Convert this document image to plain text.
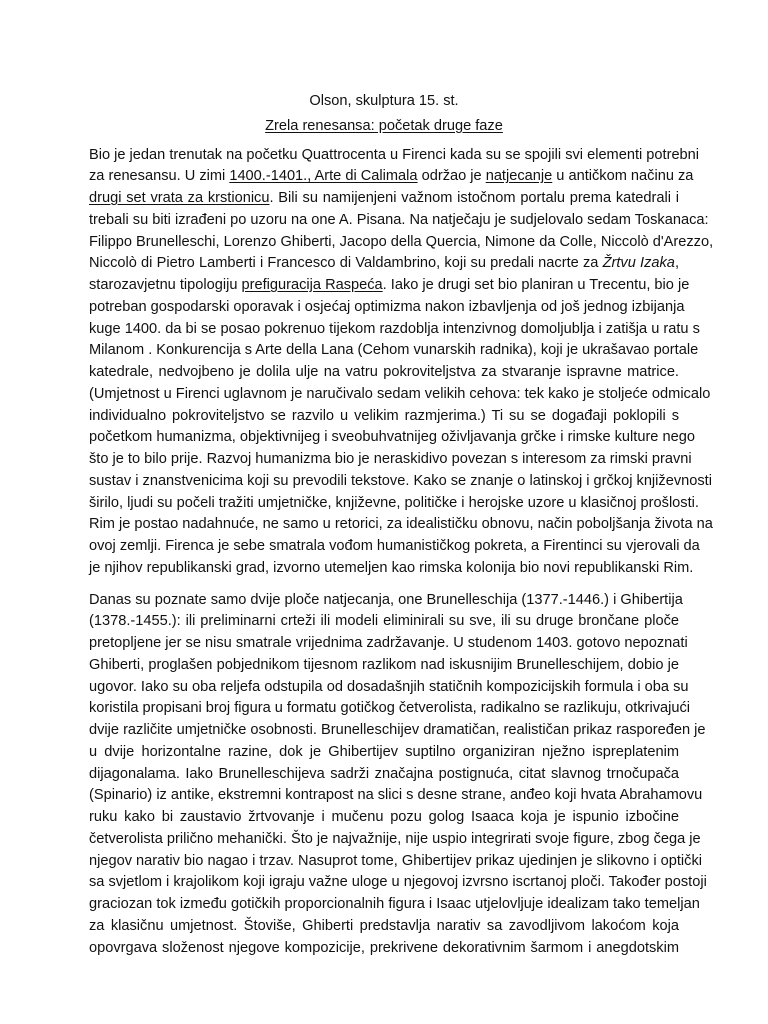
Olson, skulptura 15. st.

Zrela renesansa: početak druge faze

Bio je jedan trenutak na početku Quattrocenta u Firenci kada su se spojili svi elementi potrebni
za renesansu. U zimi 1400.-1401., Arte di Calimala održao je natjecanje u antičkom načinu za
drugi set vrata za krstionicu. Bili su namijenjeni važnom istočnom portalu prema katedrali i
trebali su biti izrađeni po uzoru na one A. Pisana. Na natječaju je sudjelovalo sedam Toskanaca:
Filippo Brunelleschi, Lorenzo Ghiberti, Jacopo della Quercia, Nimone da Colle, Niccolò d'Arezzo,
Niccolò di Pietro Lamberti i Francesco di Valdambrino, koji su predali nacrte za Žrtvu Izaka,
starozavjetnu tipologiju prefiguracija Raspeća. Iako je drugi set bio planiran u Trecentu, bio je
potreban gospodarski oporavak i osjećaj optimizma nakon izbavljenja od još jednog izbijanja
kuge 1400. da bi se posao pokrenuo tijekom razdoblja intenzivnog domoljublja i zatišja u ratu s
Milanom . Konkurencija s Arte della Lana (Cehom vunarskih radnika), koji je ukrašavao portale
katedrale, nedvojbeno je dolila ulje na vatru pokroviteljstva za stvaranje ispravne matrice.
(Umjetnost u Firenci uglavnom je naručivalo sedam velikih cehova: tek kako je stoljeće odmicalo
individualno pokroviteljstvo se razvilo u velikim razmjerima.) Ti su se događaji poklopili s
početkom humanizma, objektivnijeg i sveobuhvatnijeg oživljavanja grčke i rimske kulture nego
što je to bilo prije. Razvoj humanizma bio je neraskidivo povezan s interesom za rimski pravni
sustav i znanstvenicima koji su prevodili tekstove. Kako se znanje o latinskoj i grčkoj književnosti
širilo, ljudi su počeli tražiti umjetničke, književne, političke i herojske uzore u klasičnoj prošlosti.
Rim je postao nadahnuće, ne samo u retorici, za idealističku obnovu, način poboljšanja života na
ovoj zemlji. Firenca je sebe smatrala vođom humanističkog pokreta, a Firentinci su vjerovali da
je njihov republikanski grad, izvorno utemeljen kao rimska kolonija bio novi republikanski Rim.
Danas su poznate samo dvije ploče natjecanja, one Brunelleschija (1377.-1446.) i Ghibertija
(1378.-1455.): ili preliminarni crteži ili modeli eliminirali su sve, ili su druge brončane ploče
pretopljene jer se nisu smatrale vrijednima zadržavanje. U studenom 1403. gotovo nepoznati
Ghiberti, proglašen pobjednikom tijesnom razlikom nad iskusnijim Brunelleschijem, dobio je
ugovor. Iako su oba reljefa odstupila od dosadašnjih statičnih kompozicijskih formula i oba su
koristila propisani broj figura u formatu gotičkog četverolista, radikalno se razlikuju, otkrivajući
dvije različite umjetničke osobnosti. Brunelleschijev dramatičan, realističan prikaz raspoređen je
u dvije horizontalne razine, dok je Ghibertijev suptilno organiziran nježno ispreplatenim
dijagonalama. Iako Brunelleschijeva sadrži značajna postignuća, citat slavnog trnočupača
(Spinario) iz antike, ekstremni kontrapost na slici s desne strane, anđeo koji hvata Abrahamovu
ruku kako bi zaustavio žrtvovanje i mučenu pozu golog Isaaca koja je ispunio izbočine
četverolista prilično mehanički. Što je najvažnije, nije uspio integrirati svoje figure, zbog čega je
njegov narativ bio nagao i trzav. Nasuprot tome, Ghibertijev prikaz ujedinjen je slikovno i optički
sa svjetlom i krajolikom koji igraju važne uloge u njegovoj izvrsno iscrtanoj ploči. Također postoji
graciozan tok između gotičkih proporcionalnih figura i Isaac utjelovljuje idealizam tako temeljan
za klasičnu umjetnost. Štoviše, Ghiberti predstavlja narativ sa zavodljivom lakoćom koja
opovrgava složenost njegove kompozicije, prekrivene dekorativnim šarmom i anegdotskim
